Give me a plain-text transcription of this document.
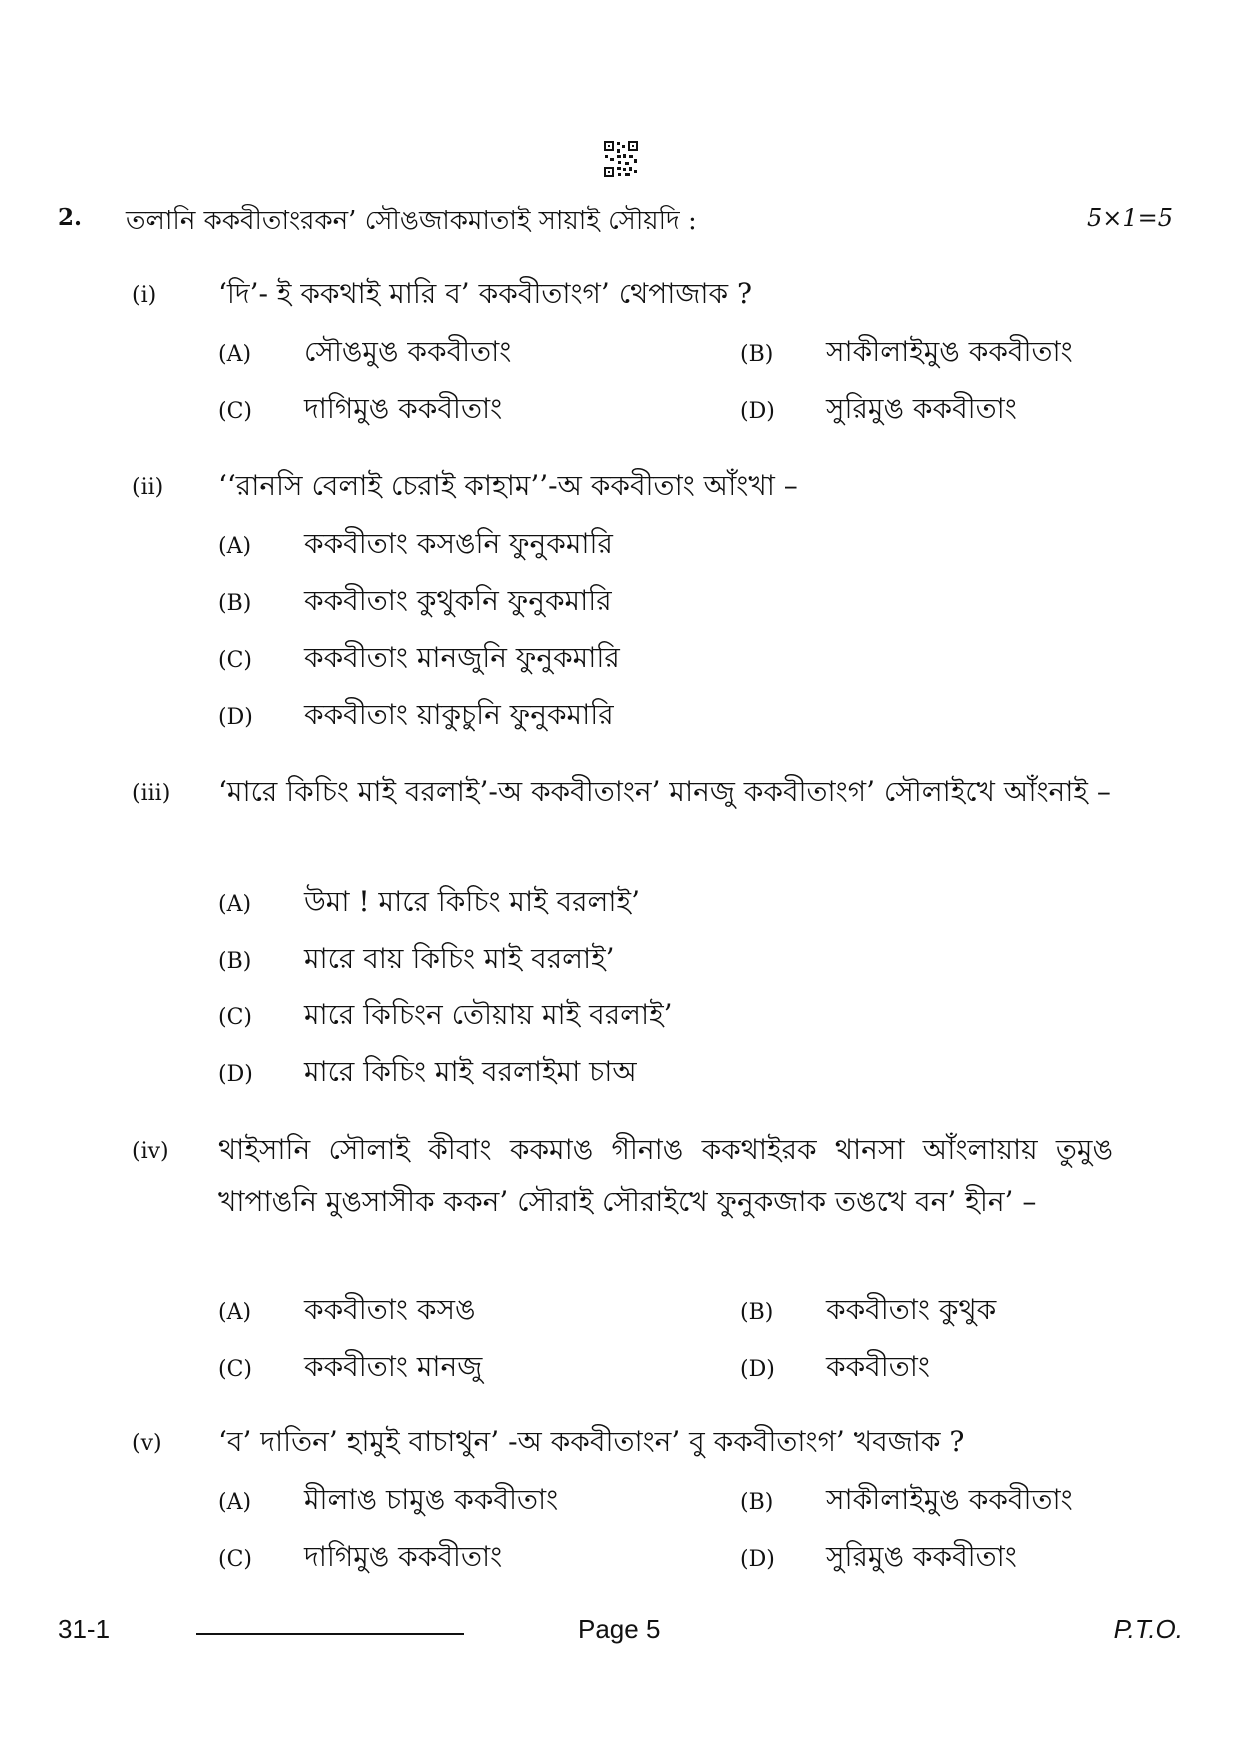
2. তলানি ককবীতাংরকন’ সৌঙজাকমাতাই সায়াই সৌয়দি :	5×1=5
(i) ‘দি’- ই ককথাই মারি ব’ ককবীতাংগ’ থেপাজাক ?
(A) সৌঙমুঙ ককবীতাং	(B) সাকীলাইমুঙ ককবীতাং
(C) দাগিমুঙ ককবীতাং	(D) সুরিমুঙ ককবীতাং
(ii) ‘‘রানসি বেলাই চেরাই কাহাম’’-অ ককবীতাং আঁংখা –
(A) ককবীতাং কসঙনি ফুনুকমারি
(B) ককবীতাং কুথুকনি ফুনুকমারি
(C) ককবীতাং মানজুনি ফুনুকমারি
(D) ককবীতাং য়াকুচুনি ফুনুকমারি
(iii) ‘মারে কিচিং মাই বরলাই’-অ ককবীতাংন’ মানজু ককবীতাংগ’ সৌলাইখে আঁংনাই –
(A) উমা ! মারে কিচিং মাই বরলাই’
(B) মারে বায় কিচিং মাই বরলাই’
(C) মারে কিচিংন তৌয়ায় মাই বরলাই’
(D) মারে কিচিং মাই বরলাইমা চাঅ
(iv) থাইসানি সৌলাই কীবাং ককমাঙ গীনাঙ ককথাইরক থানসা আঁংলায়ায় তুমুঙ খাপাঙনি মুঙসাসীক ককন’ সৌরাই সৌরাইখে ফুনুকজাক তঙখে বন’ হীন’ –
(A) ককবীতাং কসঙ	(B) ককবীতাং কুথুক
(C) ককবীতাং মানজু	(D) ককবীতাং
(v) ‘ব’ দাতিন’ হামুই বাচাথুন’ -অ ককবীতাংন’ বু ককবীতাংগ’ খবজাক ?
(A) মীলাঙ চামুঙ ককবীতাং	(B) সাকীলাইমুঙ ককবীতাং
(C) দাগিমুঙ ককবীতাং	(D) সুরিমুঙ ককবীতাং
31-1	Page 5	P.T.O.
